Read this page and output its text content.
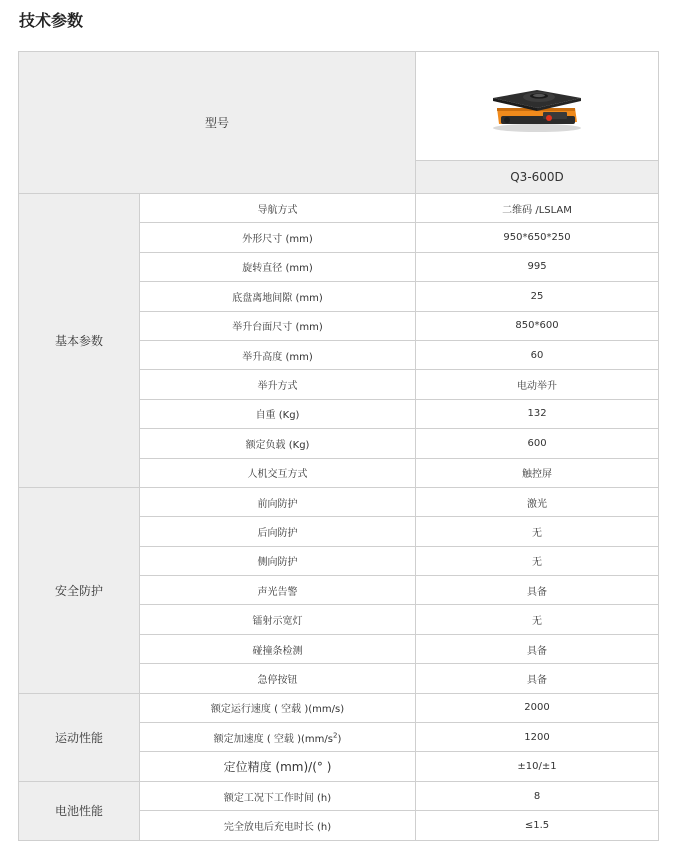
技术参数
型号	

		Q3-600D
基本参数	导航方式	二维码 /LSLAM
	外形尺寸 (mm)	950*650*250
	旋转直径 (mm)	995
	底盘离地间隙 (mm)	25
	举升台面尺寸 (mm)	850*600
	举升高度 (mm)	60
	举升方式	电动举升
	自重 (Kg)	132
	额定负载 (Kg)	600
	人机交互方式	触控屏
安全防护	前向防护	激光
	后向防护	无
	侧向防护	无
	声光告警	具备
	镭射示宽灯	无
	碰撞条检测	具备
	急停按钮	具备
运动性能	额定运行速度 ( 空载 )(mm/s)	2000
	额定加速度 ( 空载 )$(mm/s^2)$	1200
	定位精度 (mm)/(° )	±10/±1
电池性能	额定工况下工作时间 (h)	8
	完全放电后充电时长 (h)	≤1.5
